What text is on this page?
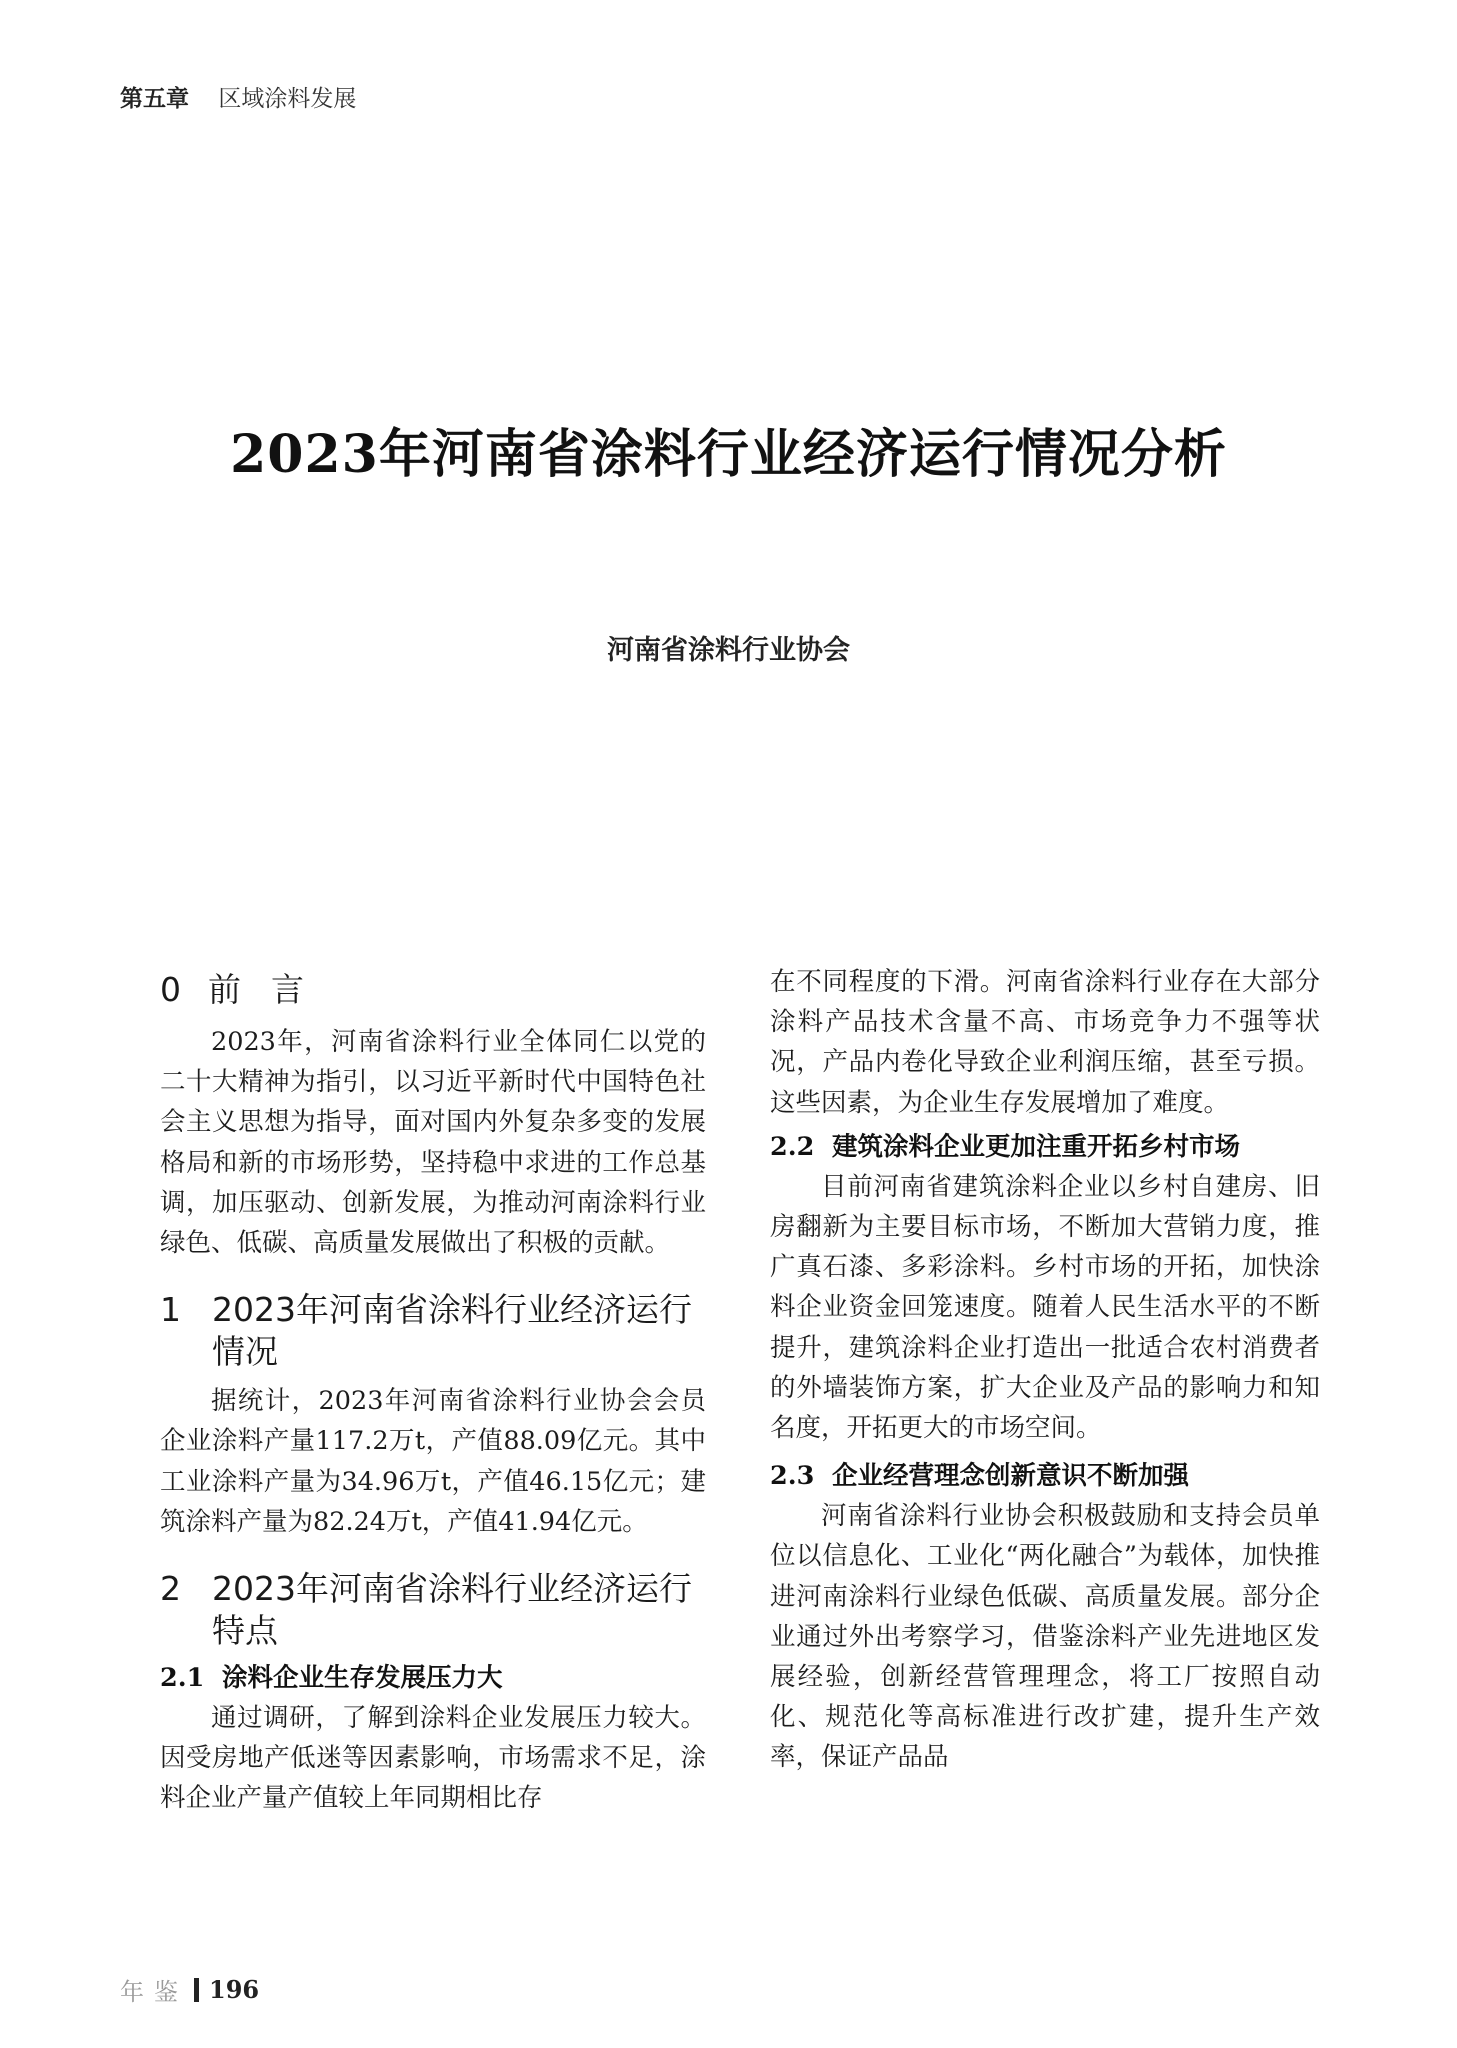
第五章 区域涂料发展
2023年河南省涂料行业经济运行情况分析
河南省涂料行业协会
0 前言

2023年，河南省涂料行业全体同仁以党的二十大精神为指引，以习近平新时代中国特色社会主义思想为指导，面对国内外复杂多变的发展格局和新的市场形势，坚持稳中求进的工作总基调，加压驱动、创新发展，为推动河南涂料行业绿色、低碳、高质量发展做出了积极的贡献。

1 2023年河南省涂料行业经济运行情况

据统计，2023年河南省涂料行业协会会员企业涂料产量117.2万t，产值88.09亿元。其中工业涂料产量为34.96万t，产值46.15亿元；建筑涂料产量为82.24万t，产值41.94亿元。

2 2023年河南省涂料行业经济运行特点
2.1 涂料企业生存发展压力大

通过调研，了解到涂料企业发展压力较大。因受房地产低迷等因素影响，市场需求不足，涂料企业产量产值较上年同期相比存

在不同程度的下滑。河南省涂料行业存在大部分涂料产品技术含量不高、市场竞争力不强等状况，产品内卷化导致企业利润压缩，甚至亏损。这些因素，为企业生存发展增加了难度。

2.2 建筑涂料企业更加注重开拓乡村市场

目前河南省建筑涂料企业以乡村自建房、旧房翻新为主要目标市场，不断加大营销力度，推广真石漆、多彩涂料。乡村市场的开拓，加快涂料企业资金回笼速度。随着人民生活水平的不断提升，建筑涂料企业打造出一批适合农村消费者的外墙装饰方案，扩大企业及产品的影响力和知名度，开拓更大的市场空间。

2.3 企业经营理念创新意识不断加强

河南省涂料行业协会积极鼓励和支持会员单位以信息化、工业化“两化融合”为载体，加快推进河南涂料行业绿色低碳、高质量发展。部分企业通过外出考察学习，借鉴涂料产业先进地区发展经验，创新经营管理理念，将工厂按照自动化、规范化等高标准进行改扩建，提升生产效率，保证产品品

年鉴 196
